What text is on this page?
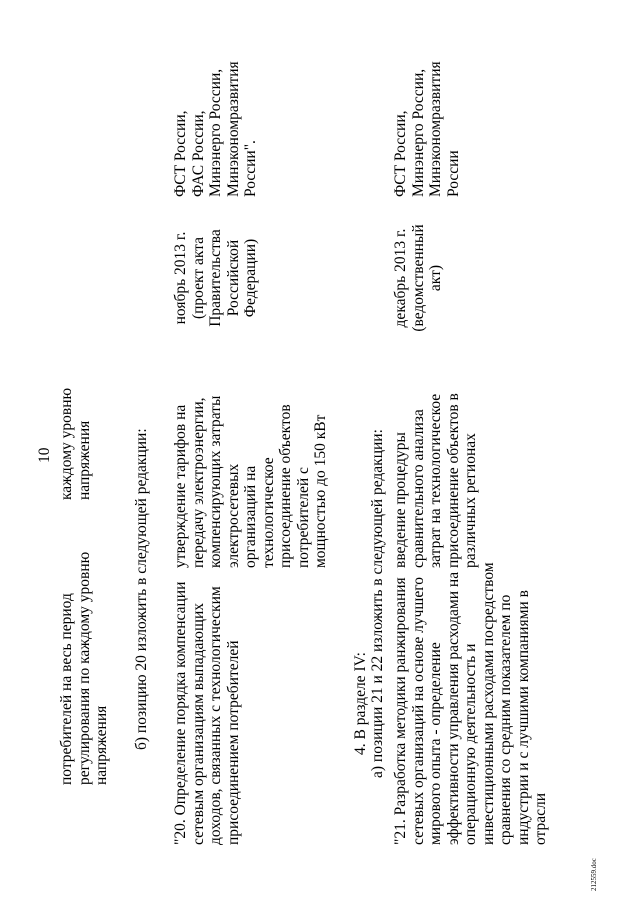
10
потребителей на весь период регулирования по каждому уровню напряжения
каждому уровню напряжения	б) позицию 20 изложить в следующей редакции: "20. Определение порядка компенсации сетевым организациям выпадающих доходов, связанных с технологическим присоединением потребителей
утверждение тарифов на передачу электроэнергии, компенсирующих затраты электросетевых организаций на технологическое присоединение объектов потребителей с мощностью до 150 кВт
ноябрь 2013 г. (проект акта Правительства Российской Федерации)
ФСТ России, ФАС России, Минэнерго России, Минэкономразвития России".
4. В разделе IV: а) позиции 21 и 22 изложить в следующей редакции: "21. Разработка методики ранжирования сетевых организаций на основе лучшего мирового опыта - определение эффективности управления расходами на операционную деятельность и инвестиционными расходами посредством сравнения со средним показателем по индустрии и с лучшими компаниями в отрасли
введение процедуры сравнительного анализа затрат на технологическое присоединение объектов в различных регионах
декабрь 2013 г. (ведомственный акт)
ФСТ России, Минэнерго России, Минэкономразвития России
212559.doc
